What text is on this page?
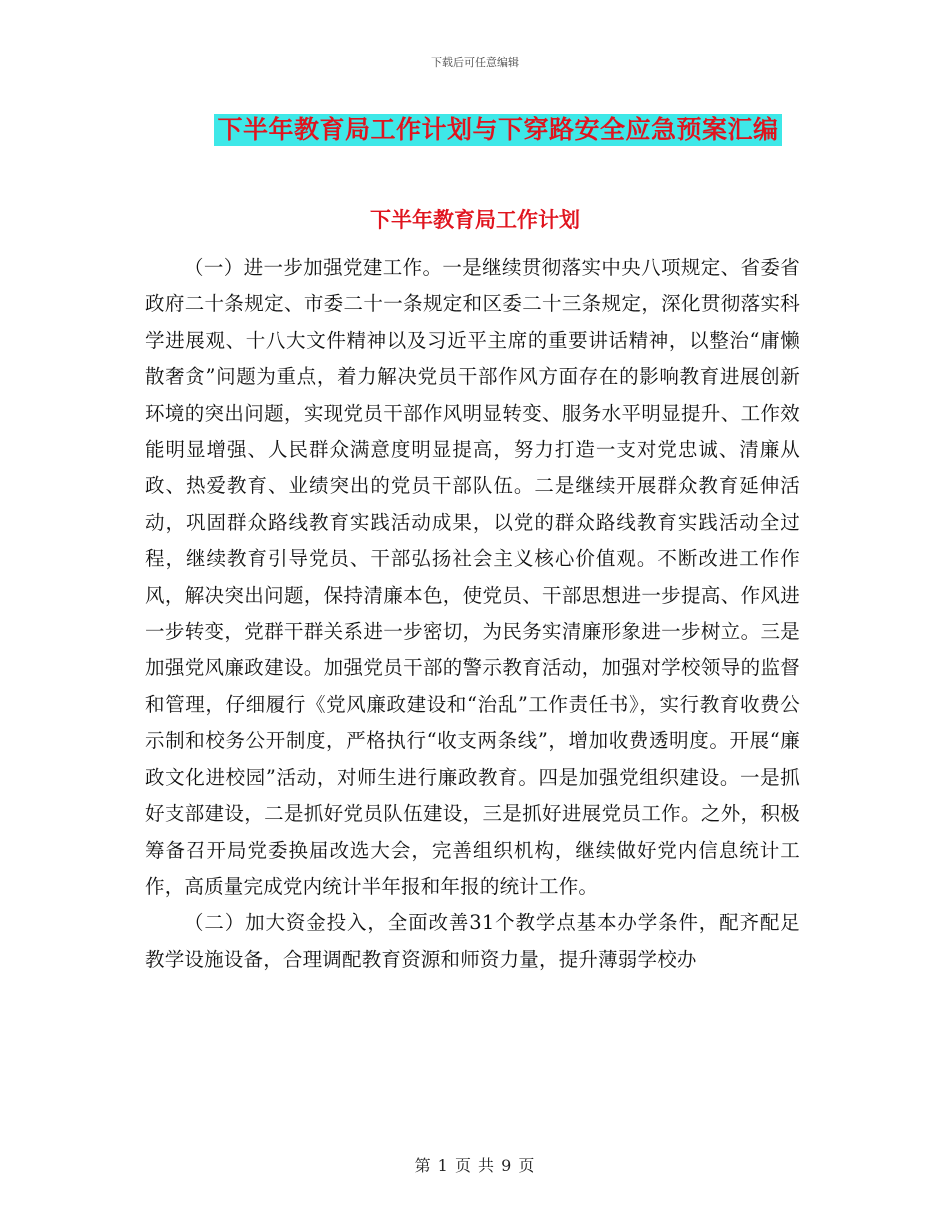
下载后可任意编辑
下半年教育局工作计划与下穿路安全应急预案汇编
下半年教育局工作计划

（一）进一步加强党建工作。一是继续贯彻落实中央八项规定、省委省政府二十条规定、市委二十一条规定和区委二十三条规定，深化贯彻落实科学进展观、十八大文件精神以及习近平主席的重要讲话精神，以整治“庸懒散奢贪”问题为重点，着力解决党员干部作风方面存在的影响教育进展创新环境的突出问题，实现党员干部作风明显转变、服务水平明显提升、工作效能明显增强、人民群众满意度明显提高，努力打造一支对党忠诚、清廉从政、热爱教育、业绩突出的党员干部队伍。二是继续开展群众教育延伸活动，巩固群众路线教育实践活动成果，以党的群众路线教育实践活动全过程，继续教育引导党员、干部弘扬社会主义核心价值观。不断改进工作作风，解决突出问题，保持清廉本色，使党员、干部思想进一步提高、作风进一步转变，党群干群关系进一步密切，为民务实清廉形象进一步树立。三是加强党风廉政建设。加强党员干部的警示教育活动，加强对学校领导的监督和管理，仔细履行《党风廉政建设和“治乱”工作责任书》，实行教育收费公示制和校务公开制度，严格执行“收支两条线”，增加收费透明度。开展“廉政文化进校园”活动，对师生进行廉政教育。四是加强党组织建设。一是抓好支部建设，二是抓好党员队伍建设，三是抓好进展党员工作。之外，积极筹备召开局党委换届改选大会，完善组织机构，继续做好党内信息统计工作，高质量完成党内统计半年报和年报的统计工作。

（二）加大资金投入，全面改善31个教学点基本办学条件，配齐配足教学设施设备，合理调配教育资源和师资力量，提升薄弱学校办

第 1 页 共 9 页
